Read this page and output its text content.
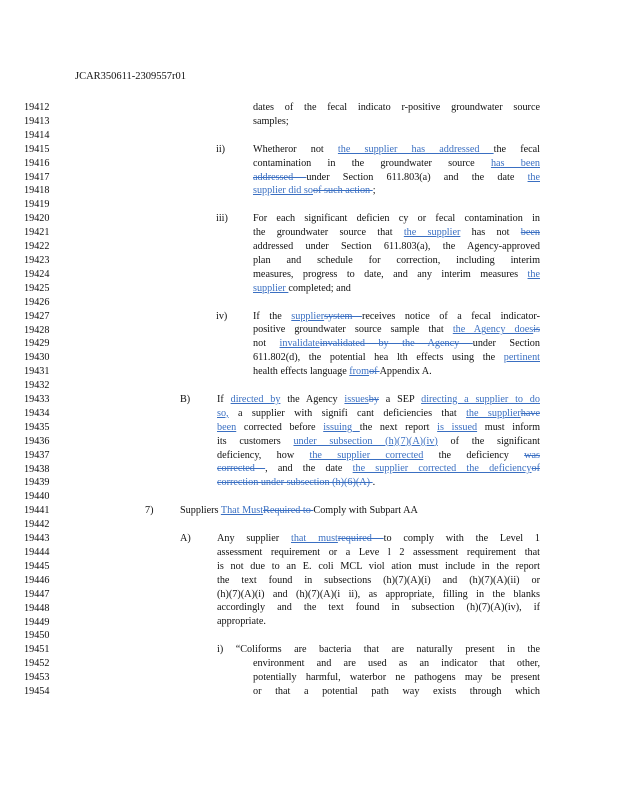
JCAR350611-2309557r01
19412
19413
19414
19415
19416
19417
19418
19419
19420
19421
19422
19423
19424
19425
19426
19427
19428
19429
19430
19431
19432
19433
19434
19435
19436
19437
19438
19439
19440
19441
19442
19443
19444
19445
19446
19447
19448
19449
19450
19451
19452
19453
19454
ii)
iii)
iv)
B)
7)
A)
dates of the fecal indicato r-positive groundwater source
samples;
Whetheror not the supplier has addressed the fecal
contamination in the groundwater source has been
addressed under Section 611.803(a) and the date the
supplier did soof such action ;
For each significant deficien cy or fecal contamination in
the groundwater source that the supplier has not been
addressed under Section 611.803(a), the Agency-approved
plan and schedule for correction, including interim
measures, progress to date, and any interim measures the
supplier completed; and
If the suppliersystem receives notice of a fecal indicator-
positive groundwater source sample that the Agency doesis
not invalidateinvalidated by the Agency under Section
611.802(d), the potential hea lth effects using the pertinent
health effects language fromof Appendix A.
If directed by the Agency issuesby a SEP directing a supplier to do
so, a supplier with signifi cant deficiencies that the supplierhave
been corrected before issuing the next report is issued must inform
its customers under subsection (h)(7)(A)(iv) of the significant
deficiency, how the supplier corrected the deficiency was
corrected , and the date the supplier corrected the deficiencyof
correction under subsection (h)(6)(A) .
Suppliers That MustRequired to Comply with Subpart AA
Any supplier that mustrequired to comply with the Level 1
assessment requirement or a Leve l 2 assessment requirement that
is not due to an E. coli MCL viol ation must include in the report
the text found in subsections (h)(7)(A)(i) and (h)(7)(A)(ii) or
(h)(7)(A)(i) and (h)(7)(A)(i ii), as appropriate, filling in the blanks
accordingly and the text found in subsection (h)(7)(A)(iv), if
appropriate.
i) “Coliforms are bacteria that are naturally present in the
environment and are used as an indicator that other,
potentially harmful, waterbor ne pathogens may be present
or that a potential path way exists through which
